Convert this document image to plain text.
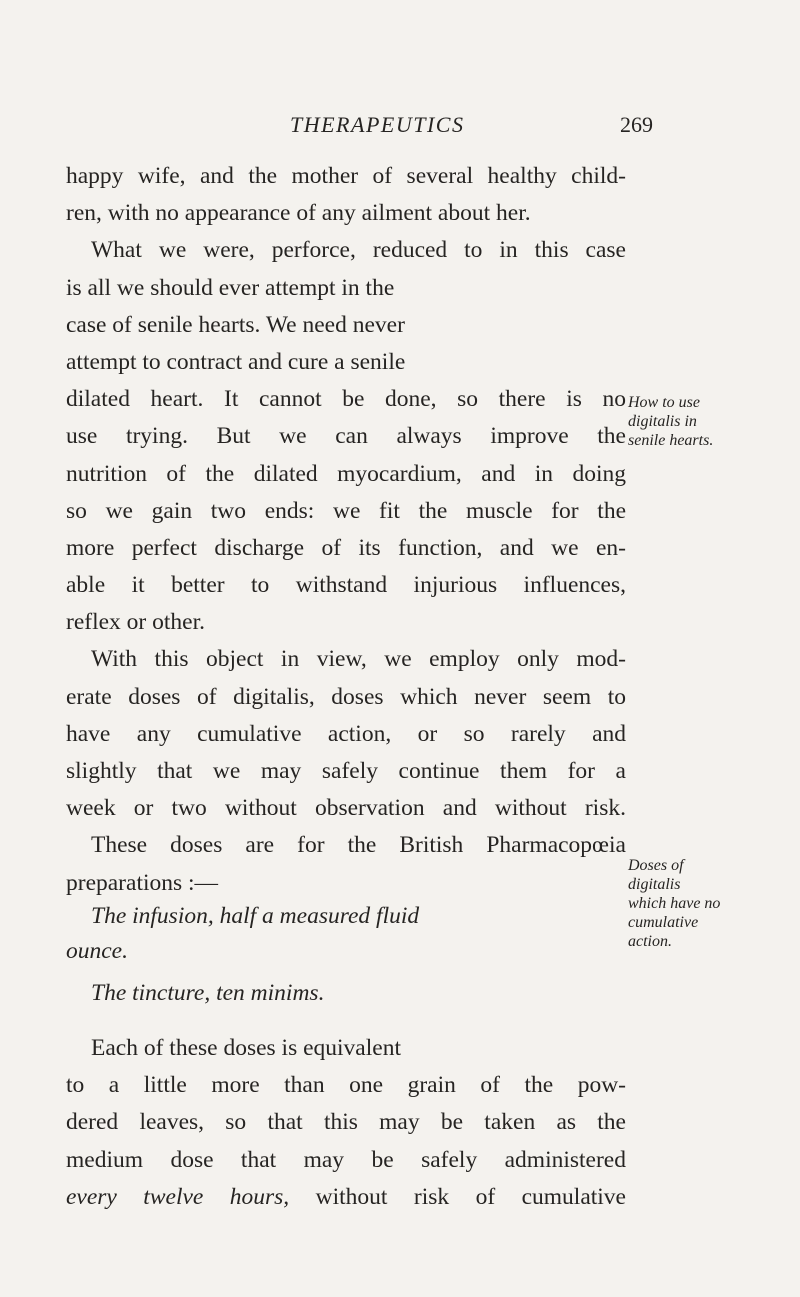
THERAPEUTICS	269
happy wife, and the mother of several healthy child-
ren, with no appearance of any ailment about her.
What we were, perforce, reduced to in this case
is all we should ever attempt in the
case of senile hearts. We need never
attempt to contract and cure a senile
dilated heart. It cannot be done, so there is no
use trying. But we can always improve the
nutrition of the dilated myocardium, and in doing
so we gain two ends: we fit the muscle for the
more perfect discharge of its function, and we en-
able it better to withstand injurious influences,
reflex or other.
With this object in view, we employ only mod-
erate doses of digitalis, doses which never seem to
have any cumulative action, or so rarely and
slightly that we may safely continue them for a
week or two without observation and without risk.
These doses are for the British Pharmacopœia
preparations :—
The infusion, half a measured fluid
ounce.
The tincture, ten minims.
Each of these doses is equivalent
to a little more than one grain of the pow-
dered leaves, so that this may be taken as the
medium dose that may be safely administered
every twelve hours, without risk of cumulative
How to use
digitalis in
senile hearts.
Doses of
digitalis
which have no
cumulative
action.
